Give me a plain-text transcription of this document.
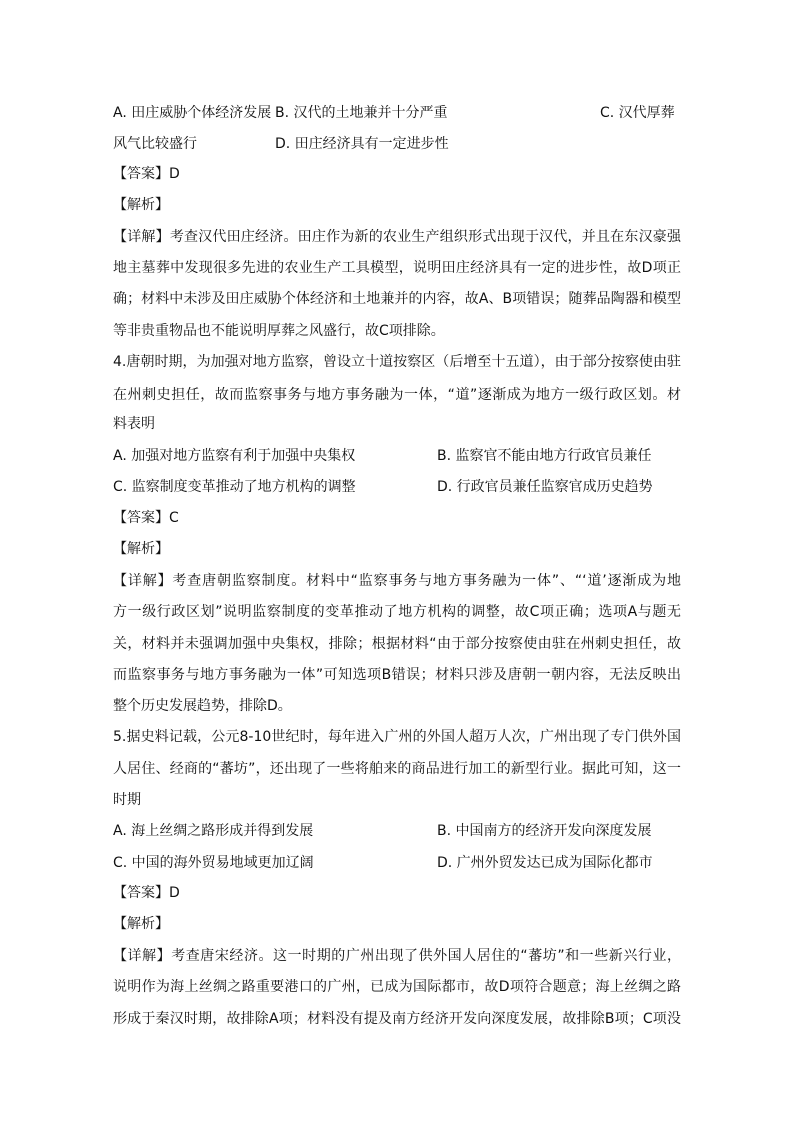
A. 田庄威胁个体经济发展 B. 汉代的土地兼并十分严重	C. 汉代厚葬
风气比较盛行	D. 田庄经济具有一定进步性
【答案】D
【解析】
【详解】考查汉代田庄经济。田庄作为新的农业生产组织形式出现于汉代，并且在东汉豪强
地主墓葬中发现很多先进的农业生产工具模型，说明田庄经济具有一定的进步性，故D项正
确；材料中未涉及田庄威胁个体经济和土地兼并的内容，故A、B项错误；随葬品陶器和模型
等非贵重物品也不能说明厚葬之风盛行，故C项排除。
4.唐朝时期，为加强对地方监察，曾设立十道按察区（后增至十五道），由于部分按察使由驻
在州刺史担任，故而监察事务与地方事务融为一体，“道”逐渐成为地方一级行政区划。材
料表明
A. 加强对地方监察有利于加强中央集权	B. 监察官不能由地方行政官员兼任
C. 监察制度变革推动了地方机构的调整	D. 行政官员兼任监察官成历史趋势
【答案】C
【解析】
【详解】考查唐朝监察制度。材料中“监察事务与地方事务融为一体”、“‘道’逐渐成为地
方一级行政区划”说明监察制度的变革推动了地方机构的调整，故C项正确；选项A与题无
关，材料并未强调加强中央集权，排除；根据材料“由于部分按察使由驻在州刺史担任，故
而监察事务与地方事务融为一体”可知选项B错误；材料只涉及唐朝一朝内容，无法反映出
整个历史发展趋势，排除D。
5.据史料记载，公元8-10世纪时，每年进入广州的外国人超万人次，广州出现了专门供外国
人居住、经商的“蕃坊”，还出现了一些将舶来的商品进行加工的新型行业。据此可知，这一
时期
A. 海上丝绸之路形成并得到发展	B. 中国南方的经济开发向深度发展
C. 中国的海外贸易地域更加辽阔	D. 广州外贸发达已成为国际化都市
【答案】D
【解析】
【详解】考查唐宋经济。这一时期的广州出现了供外国人居住的“蕃坊”和一些新兴行业，
说明作为海上丝绸之路重要港口的广州，已成为国际都市，故D项符合题意；海上丝绸之路
形成于秦汉时期，故排除A项；材料没有提及南方经济开发向深度发展，故排除B项；C项没
